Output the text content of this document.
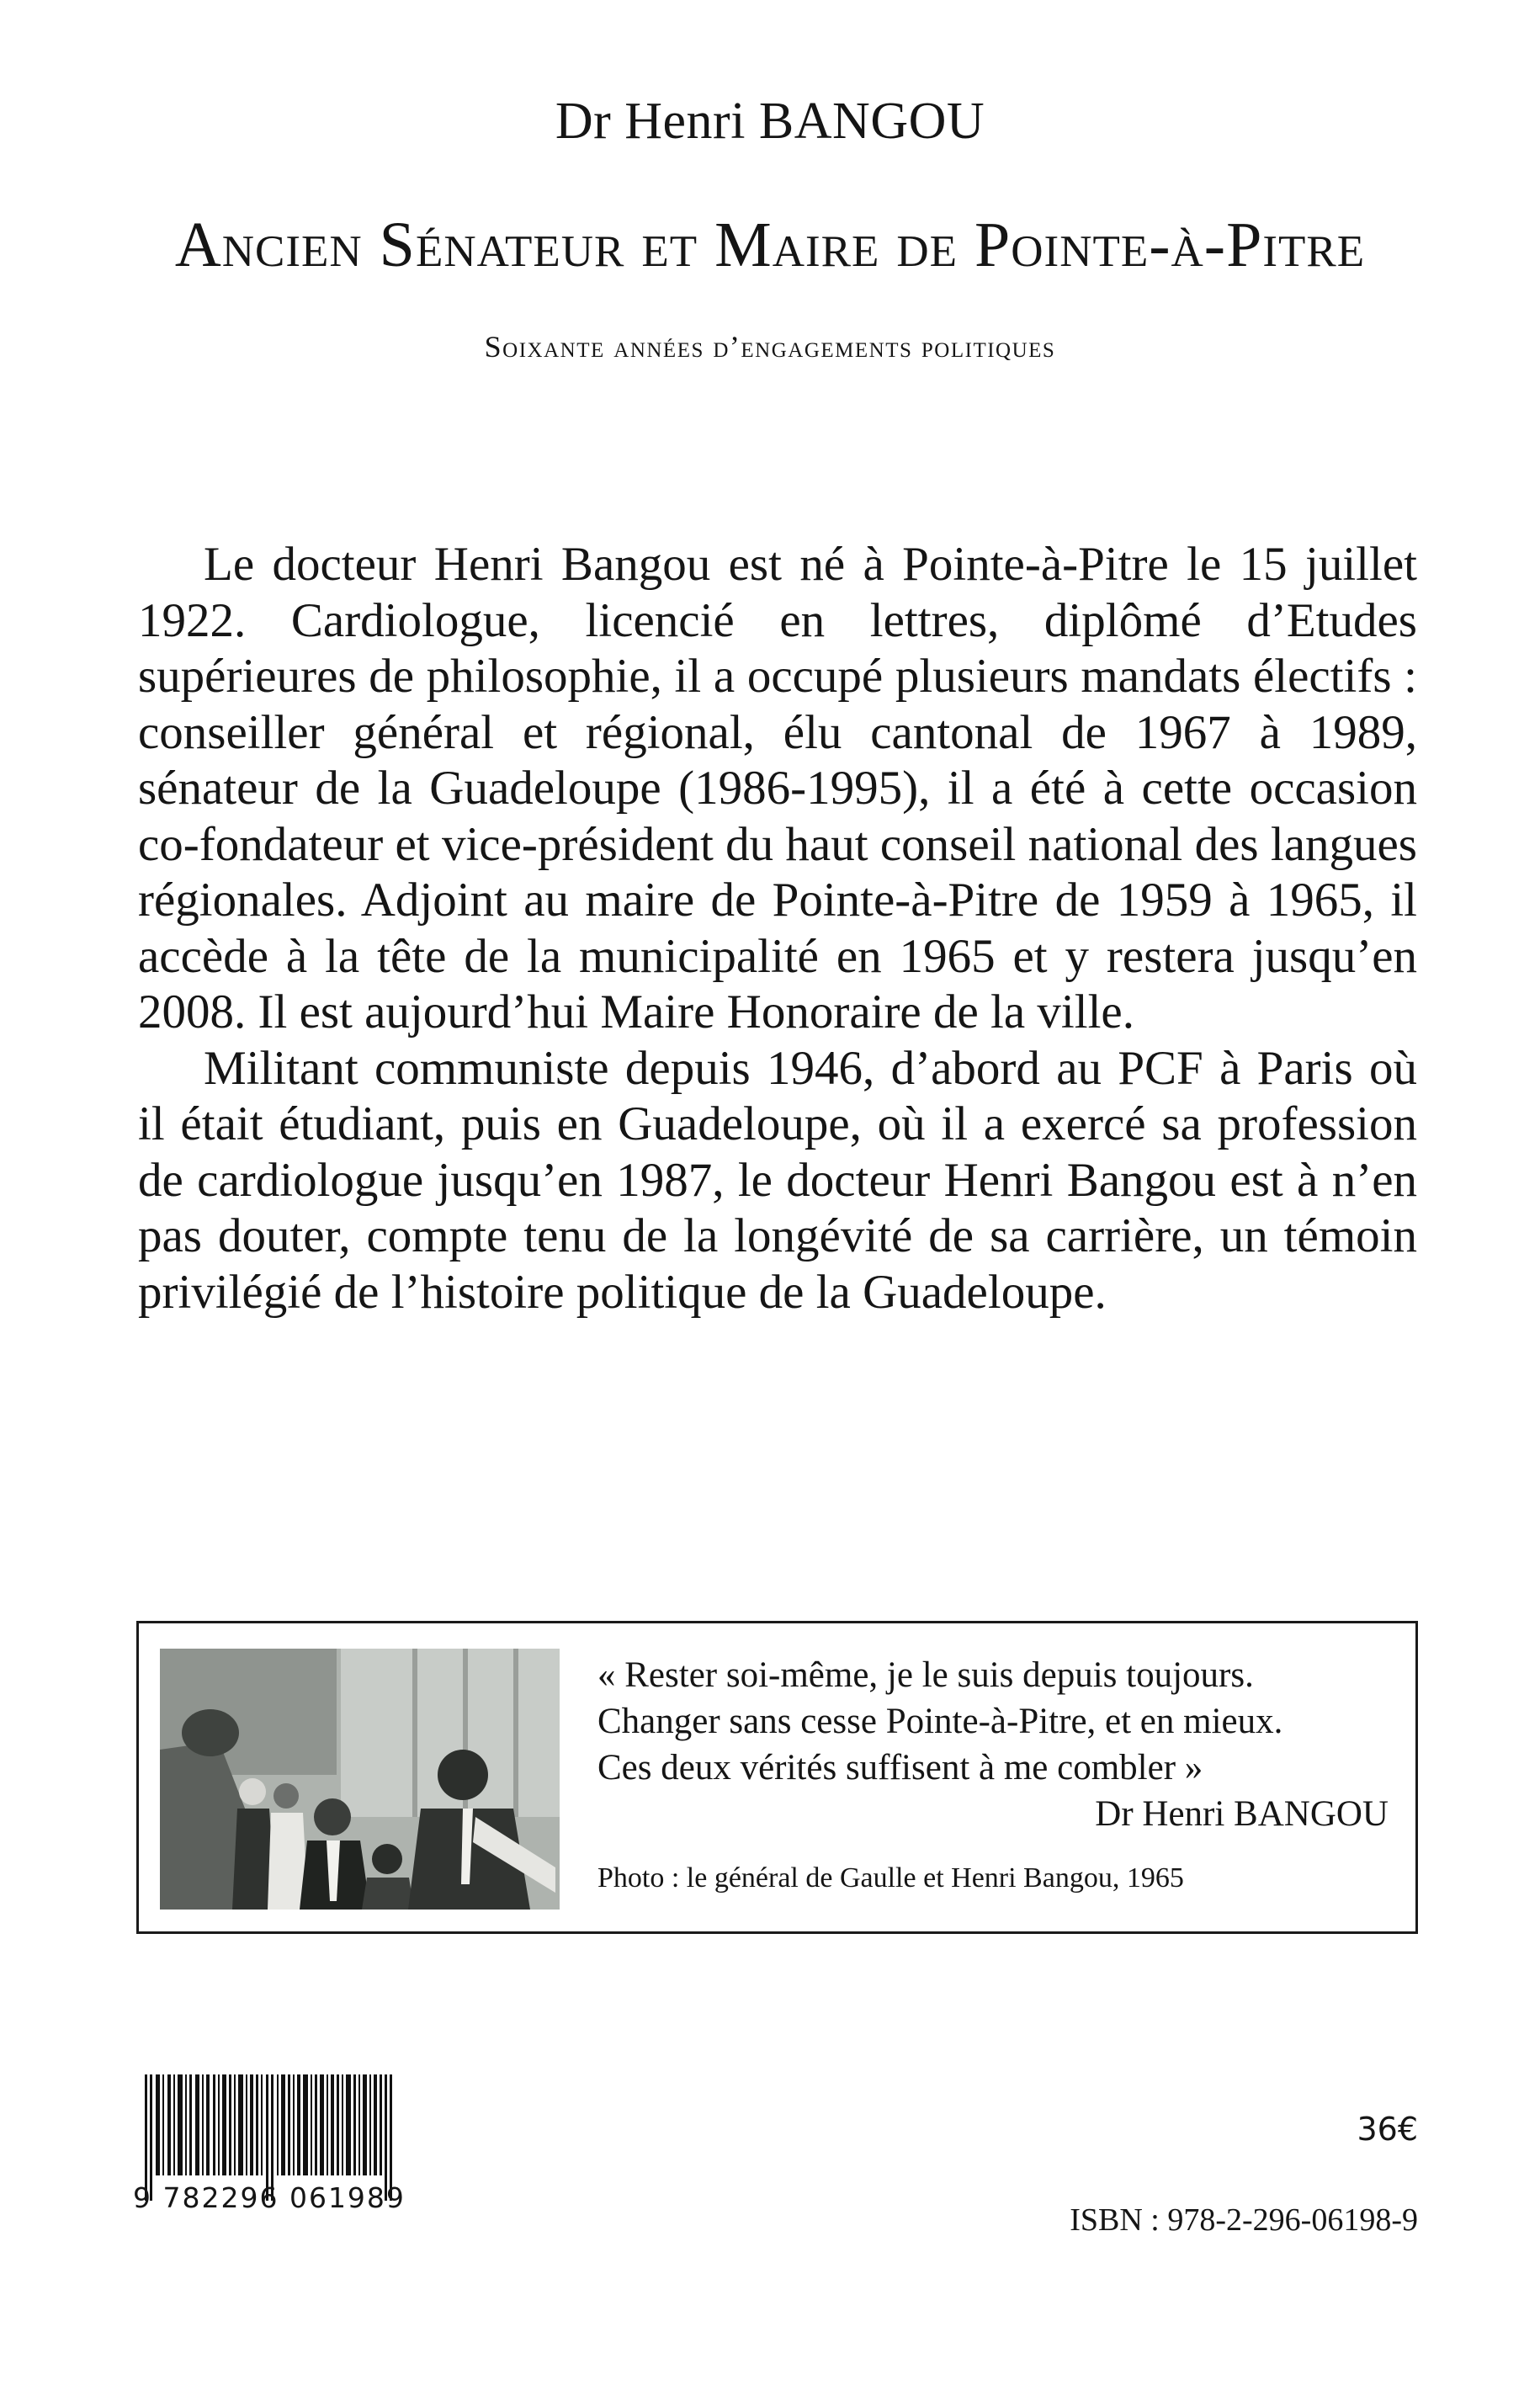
Dr Henri BANGOU
Ancien Sénateur et Maire de Pointe-à-Pitre
Soixante années d’engagements politiques

Le docteur Henri Bangou est né à Pointe-à-Pitre le 15 juillet 1922. Cardiologue, licencié en lettres, diplômé d’Etudes supérieures de philosophie, il a occupé plusieurs mandats électifs : conseiller général et régional, élu cantonal de 1967 à 1989, sénateur de la Guadeloupe (1986-1995), il a été à cette occasion co-fondateur et vice-président du haut conseil national des langues régionales. Adjoint au maire de Pointe-à-Pitre de 1959 à 1965, il accède à la tête de la municipalité en 1965 et y restera jusqu’en 2008. Il est aujourd’hui Maire Honoraire de la ville.

Militant communiste depuis 1946, d’abord au PCF à Paris où il était étudiant, puis en Guadeloupe, où il a exercé sa profession de cardiologue jusqu’en 1987, le docteur Henri Bangou est à n’en pas douter, compte tenu de la longévité de sa carrière, un témoin privilégié de l’histoire politique de la Guadeloupe.

« Rester soi-même, je le suis depuis toujours.
Changer sans cesse Pointe-à-Pitre, et en mieux.
Ces deux vérités suffisent à me combler »
Dr Henri BANGOU
Photo : le général de Gaulle et Henri Bangou, 1965
9 782296 061989
36€
ISBN : 978-2-296-06198-9
